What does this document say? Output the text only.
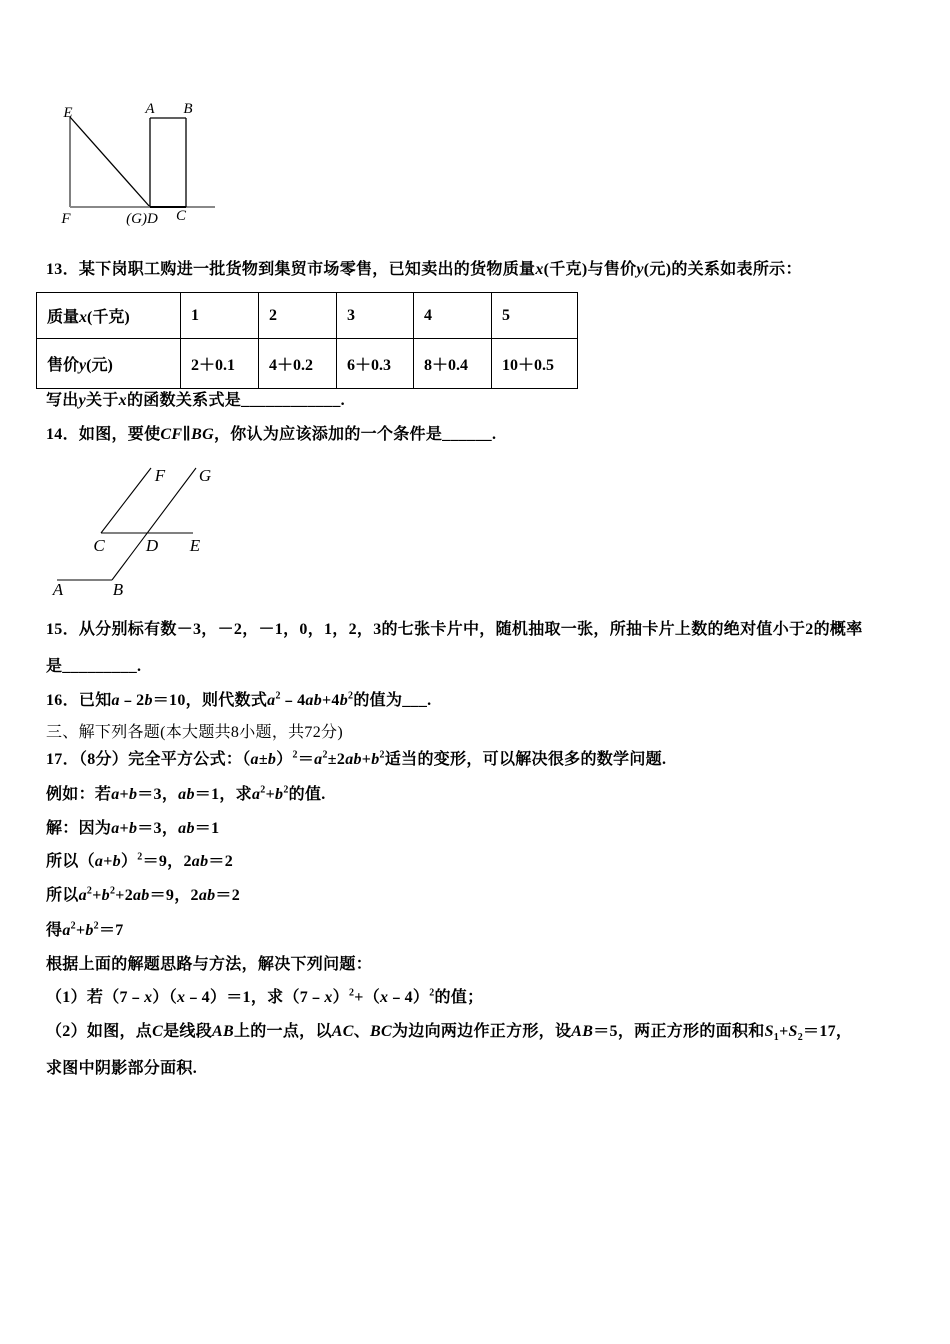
E
F
A B
(G)D C
13．某下岗职工购进一批货物到集贸市场零售，已知卖出的货物质量x(千克)与售价y(元)的关系如表所示：
质量x(千克)	1	2	3	4	5
售价y(元)	2＋0.1	4＋0.2	6＋0.3	8＋0.4	10＋0.5
写出y关于x的函数关系式是____________.
14．如图，要使CF∥BG，你认为应该添加的一个条件是______.
F G
C D E
A	B
15．从分别标有数－3，－2，－1，0，1，2，3的七张卡片中，随机抽取一张，所抽卡片上数的绝对值小于2的概率
是_________.
16．已知a﹣2b＝10，则代数式$a^2﹣4ab+4b^2$的值为___.
三、解下列各题(本大题共8小题，共72分)
17．（8分）完全平方公式：$(a\pm b)^2=a^2\pm 2ab+b^2$适当的变形，可以解决很多的数学问题.
例如：若a+b＝3，ab＝1，求$a^2+b^2$的值.
解：因为a+b＝3，ab＝1
所以$(a+b)^2=9$，2ab＝2
所以$a^2+b^2+2ab=9$，2ab＝2
得$a^2+b^2=7$
根据上面的解题思路与方法，解决下列问题：
（1）若（7﹣x）（x﹣4）＝1，求（7﹣x）$^2$+（x﹣4）$^2$的值；
（2）如图，点C是线段AB上的一点，以AC、BC为边向两边作正方形，设AB＝5，两正方形的面积和$S_1+S_2=17$，
求图中阴影部分面积.
